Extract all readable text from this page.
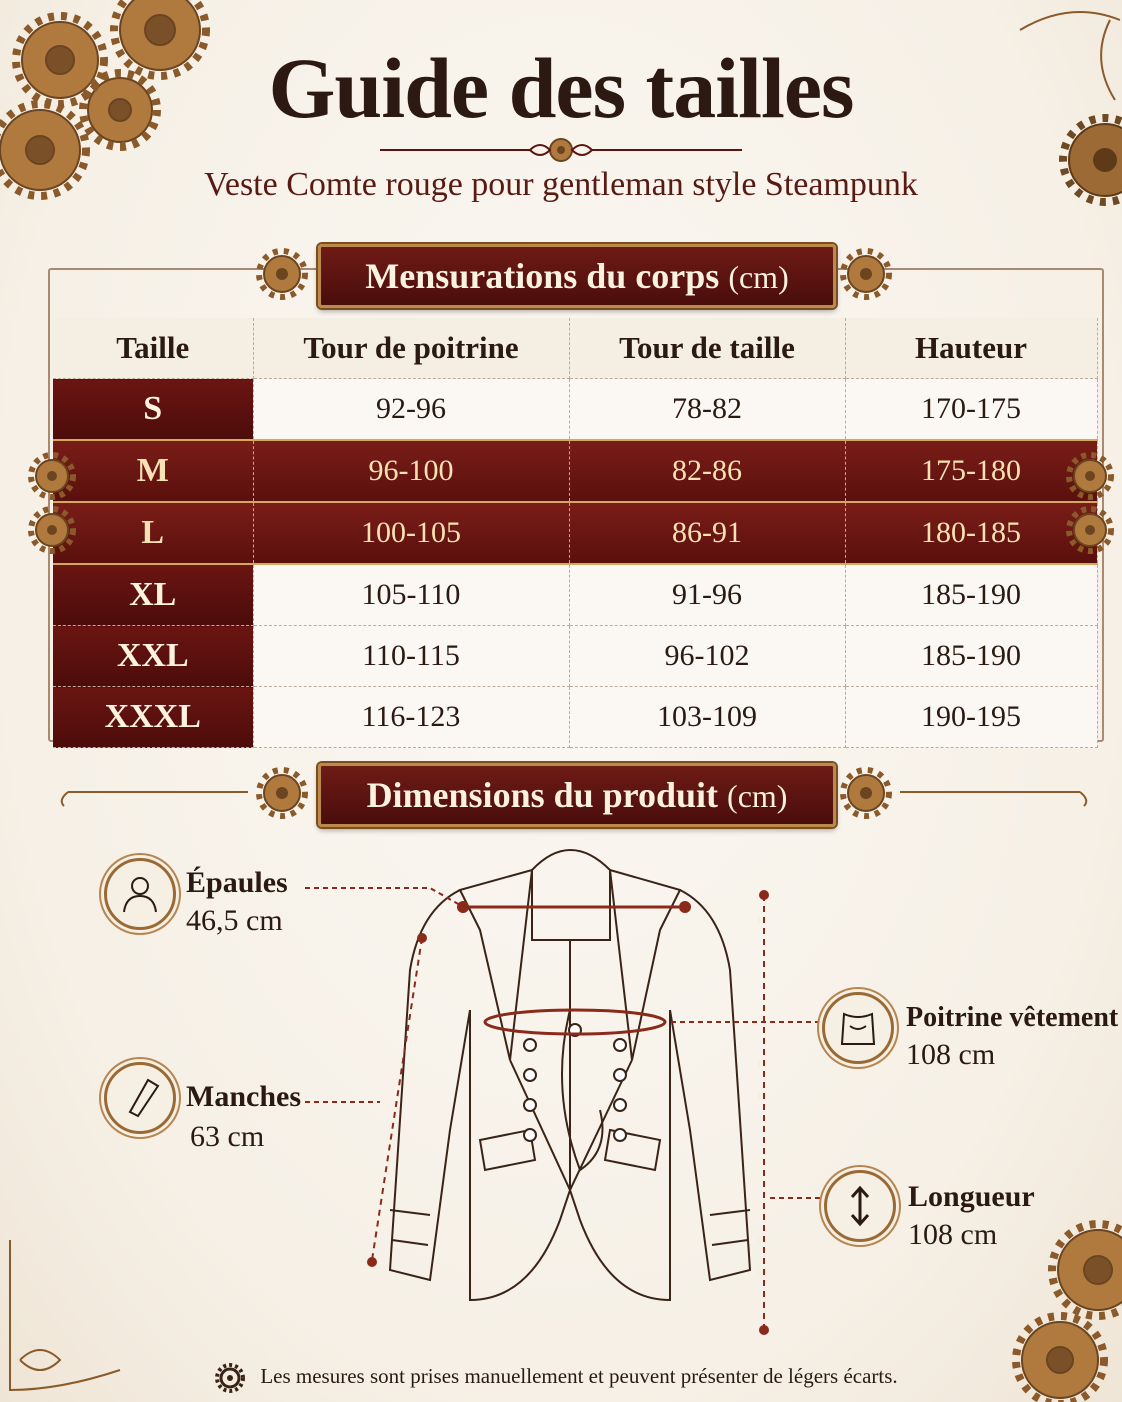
Guide des tailles
Veste Comte rouge pour gentleman style Steampunk
Mensurations du corps (cm)
Taille	Tour de poitrine	Tour de taille	Hauteur
S	92-96	78-82	170-175
M	96-100	82-86	175-180
L	100-105	86-91	180-185
XL	105-110	91-96	185-190
XXL	110-115	96-102	185-190
XXXL	116-123	103-109	190-195
Dimensions du produit (cm)
Épaules
46,5 cm
Manches
63 cm
Poitrine vêtement
108 cm
Longueur
108 cm
Les mesures sont prises manuellement et peuvent présenter de légers écarts.
